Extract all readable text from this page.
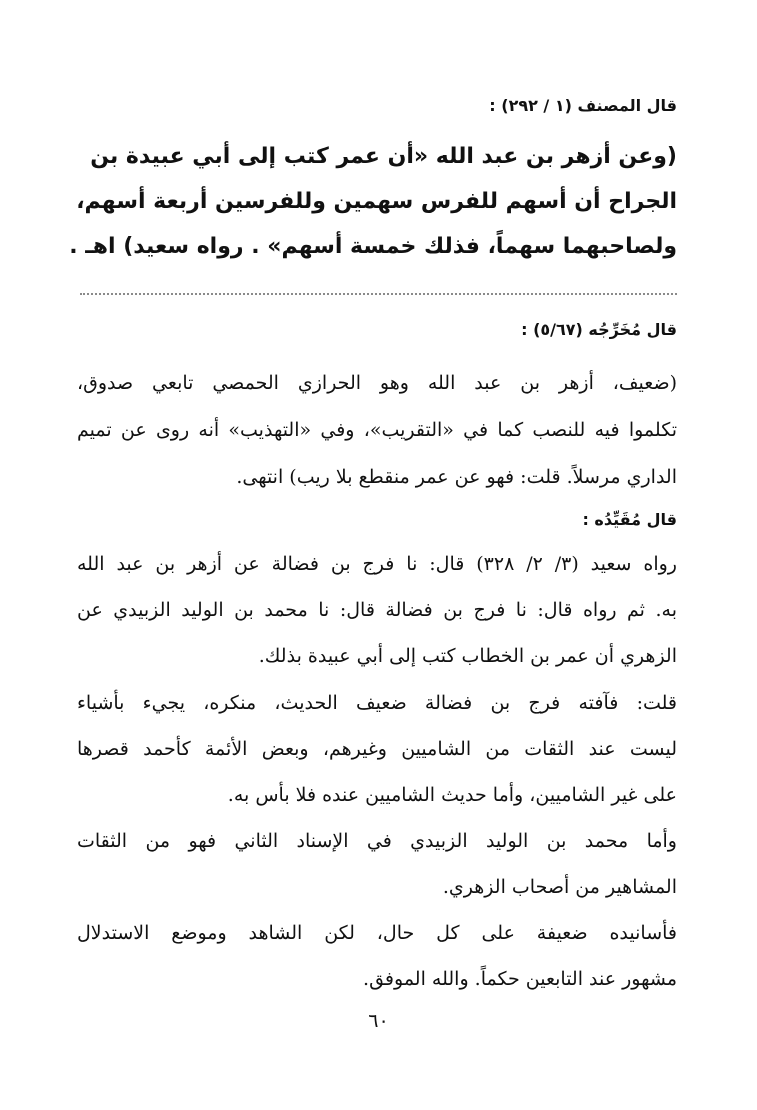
قال المصنف (١ / ٢٩٢) :
(وعن أزهر بن عبد الله «أن عمر كتب إلى أبي عبيدة بن
الجراح أن أسهم للفرس سهمين وللفرسين أربعة أسهم،
ولصاحبهما سهماً، فذلك خمسة أسهم» . رواه سعيد) اهـ .
قال مُخَرِّجُه (٥/٦٧) :
(ضعيف، أزهر بن عبد الله وهو الحرازي الحمصي تابعي صدوق،
تكلموا فيه للنصب كما في «التقريب»، وفي «التهذيب» أنه روى عن تميم
الداري مرسلاً. قلت: فهو عن عمر منقطع بلا ريب) انتهى.
قال مُقَيِّدُه :
رواه سعيد (٣/ ٢/ ٣٢٨) قال: نا فرج بن فضالة عن أزهر بن عبد الله
به. ثم رواه قال: نا فرج بن فضالة قال: نا محمد بن الوليد الزبيدي عن
الزهري أن عمر بن الخطاب كتب إلى أبي عبيدة بذلك.
قلت: فآفته فرج بن فضالة ضعيف الحديث، منكره، يجيء بأشياء
ليست عند الثقات من الشاميين وغيرهم، وبعض الأئمة كأحمد قصرها
على غير الشاميين، وأما حديث الشاميين عنده فلا بأس به.
وأما محمد بن الوليد الزبيدي في الإسناد الثاني فهو من الثقات
المشاهير من أصحاب الزهري.
فأسانيده ضعيفة على كل حال، لكن الشاهد وموضع الاستدلال
مشهور عند التابعين حكماً. والله الموفق.
٦٠
